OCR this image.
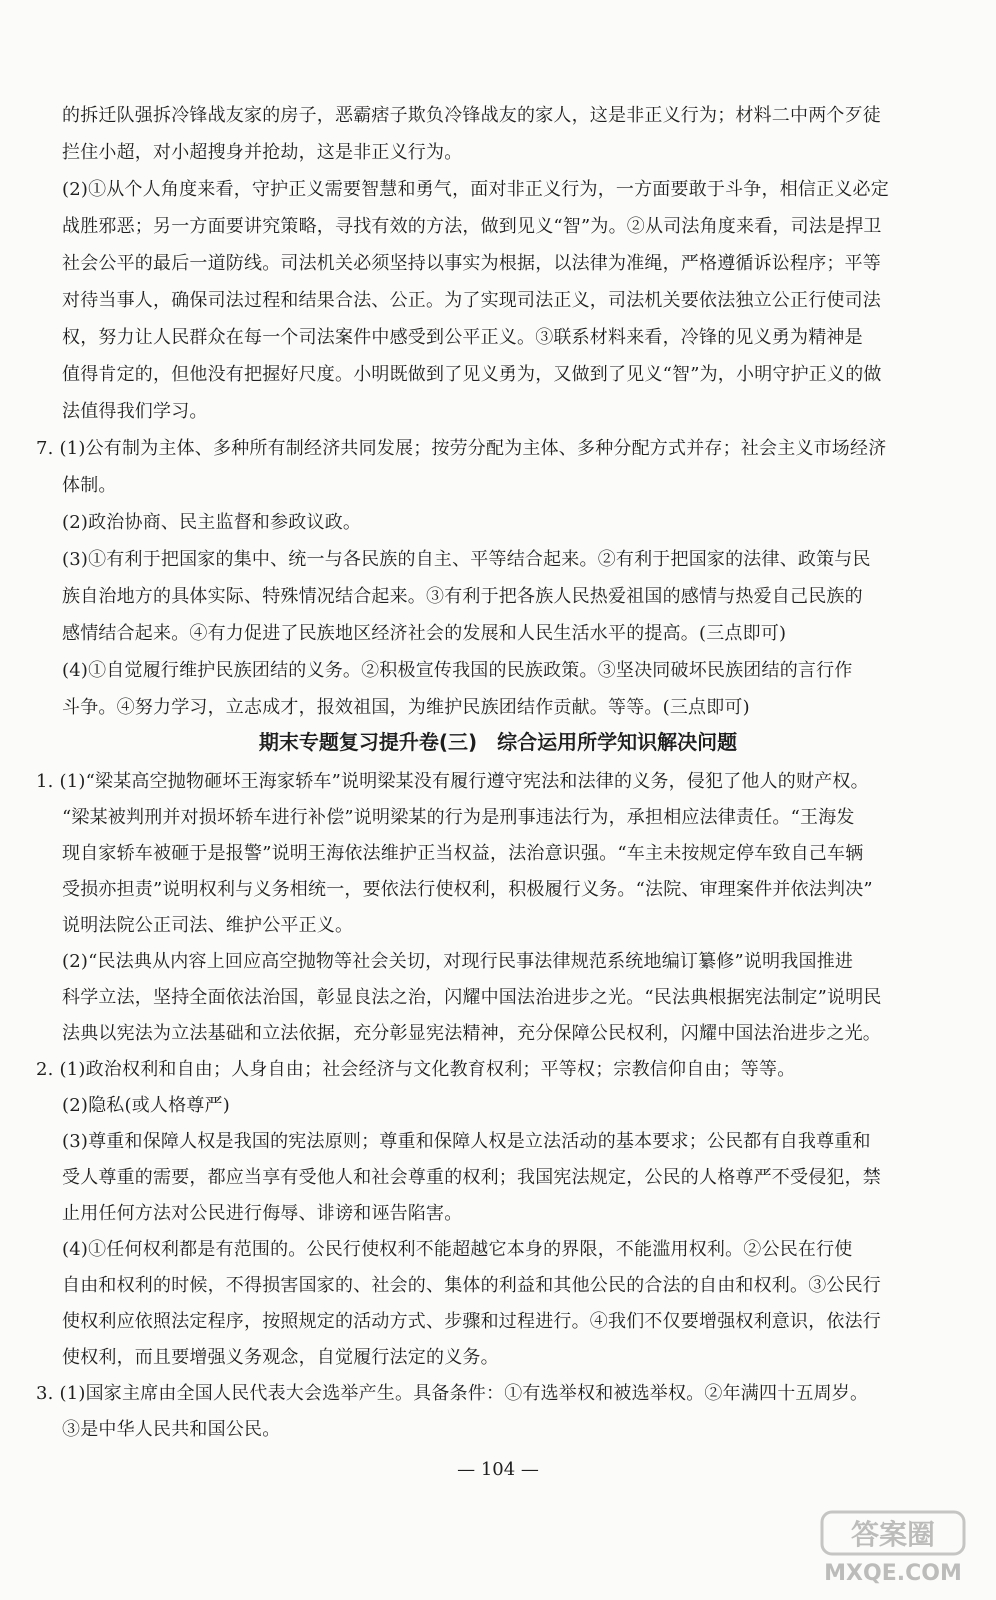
的拆迁队强拆冷锋战友家的房子，恶霸痞子欺负冷锋战友的家人，这是非正义行为；材料二中两个歹徒
拦住小超，对小超搜身并抢劫，这是非正义行为。
(2)①从个人角度来看，守护正义需要智慧和勇气，面对非正义行为，一方面要敢于斗争，相信正义必定
战胜邪恶；另一方面要讲究策略，寻找有效的方法，做到见义“智”为。②从司法角度来看，司法是捍卫
社会公平的最后一道防线。司法机关必须坚持以事实为根据，以法律为准绳，严格遵循诉讼程序；平等
对待当事人，确保司法过程和结果合法、公正。为了实现司法正义，司法机关要依法独立公正行使司法
权，努力让人民群众在每一个司法案件中感受到公平正义。③联系材料来看，冷锋的见义勇为精神是
值得肯定的，但他没有把握好尺度。小明既做到了见义勇为，又做到了见义“智”为，小明守护正义的做
法值得我们学习。
7. (1)公有制为主体、多种所有制经济共同发展；按劳分配为主体、多种分配方式并存；社会主义市场经济
体制。
(2)政治协商、民主监督和参政议政。
(3)①有利于把国家的集中、统一与各民族的自主、平等结合起来。②有利于把国家的法律、政策与民
族自治地方的具体实际、特殊情况结合起来。③有利于把各族人民热爱祖国的感情与热爱自己民族的
感情结合起来。④有力促进了民族地区经济社会的发展和人民生活水平的提高。(三点即可)
(4)①自觉履行维护民族团结的义务。②积极宣传我国的民族政策。③坚决同破坏民族团结的言行作
斗争。④努力学习，立志成才，报效祖国，为维护民族团结作贡献。等等。(三点即可)
期末专题复习提升卷(三)　综合运用所学知识解决问题
1. (1)“梁某高空抛物砸坏王海家轿车”说明梁某没有履行遵守宪法和法律的义务，侵犯了他人的财产权。
“梁某被判刑并对损坏轿车进行补偿”说明梁某的行为是刑事违法行为，承担相应法律责任。“王海发
现自家轿车被砸于是报警”说明王海依法维护正当权益，法治意识强。“车主未按规定停车致自己车辆
受损亦担责”说明权利与义务相统一，要依法行使权利，积极履行义务。“法院、审理案件并依法判决”
说明法院公正司法、维护公平正义。
(2)“民法典从内容上回应高空抛物等社会关切，对现行民事法律规范系统地编订纂修”说明我国推进
科学立法，坚持全面依法治国，彰显良法之治，闪耀中国法治进步之光。“民法典根据宪法制定”说明民
法典以宪法为立法基础和立法依据，充分彰显宪法精神，充分保障公民权利，闪耀中国法治进步之光。
2. (1)政治权利和自由；人身自由；社会经济与文化教育权利；平等权；宗教信仰自由；等等。
(2)隐私(或人格尊严)
(3)尊重和保障人权是我国的宪法原则；尊重和保障人权是立法活动的基本要求；公民都有自我尊重和
受人尊重的需要，都应当享有受他人和社会尊重的权利；我国宪法规定，公民的人格尊严不受侵犯，禁
止用任何方法对公民进行侮辱、诽谤和诬告陷害。
(4)①任何权利都是有范围的。公民行使权利不能超越它本身的界限，不能滥用权利。②公民在行使
自由和权利的时候，不得损害国家的、社会的、集体的利益和其他公民的合法的自由和权利。③公民行
使权利应依照法定程序，按照规定的活动方式、步骤和过程进行。④我们不仅要增强权利意识，依法行
使权利，而且要增强义务观念，自觉履行法定的义务。
3. (1)国家主席由全国人民代表大会选举产生。具备条件：①有选举权和被选举权。②年满四十五周岁。
③是中华人民共和国公民。
— 104 —
答案圈
MXQE.COM
